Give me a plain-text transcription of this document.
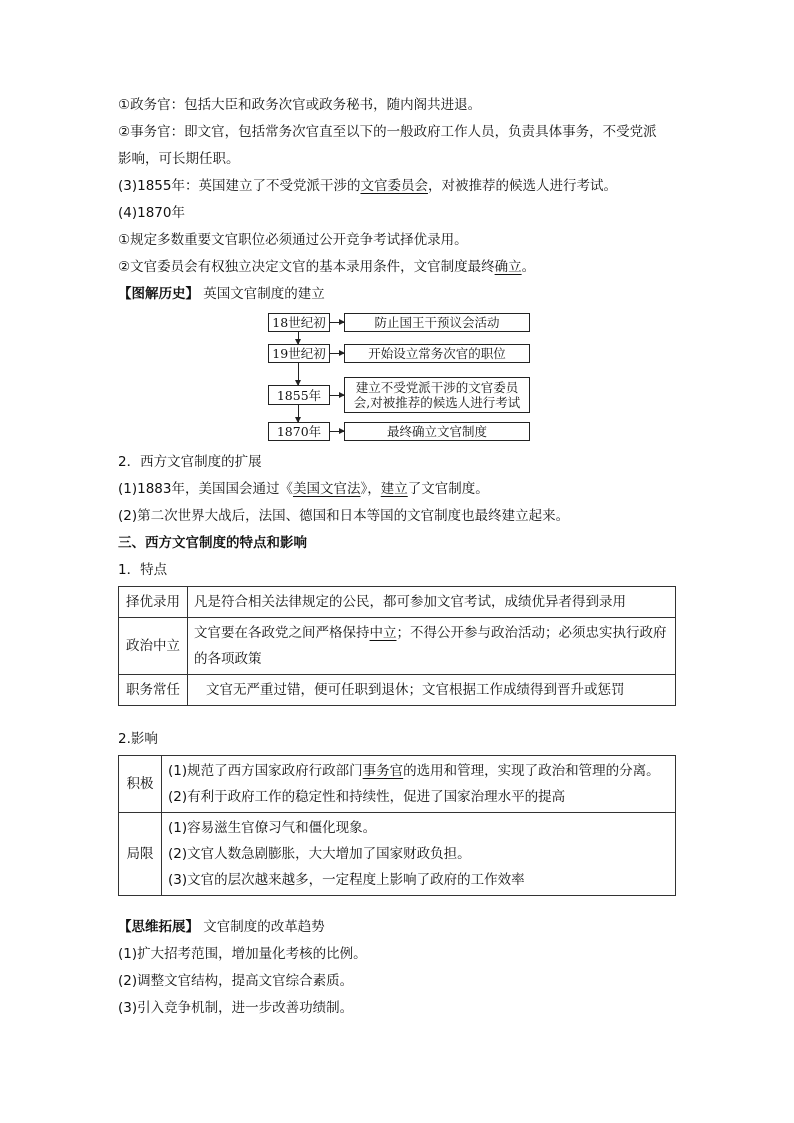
①政务官：包括大臣和政务次官或政务秘书，随内阁共进退。
②事务官：即文官，包括常务次官直至以下的一般政府工作人员，负责具体事务，不受党派
影响，可长期任职。
(3)1855年：英国建立了不受党派干涉的文官委员会，对被推荐的候选人进行考试。
(4)1870年
①规定多数重要文官职位必须通过公开竞争考试择优录用。
②文官委员会有权独立决定文官的基本录用条件，文官制度最终确立。
【图解历史】 英国文官制度的建立
18世纪初	防止国王干预议会活动
19世纪初	开始设立常务次官的职位
1855年	建立不受党派干涉的文官委员会,对被推荐的候选人进行考试
1870年	最终确立文官制度
2．西方文官制度的扩展
(1)1883年，美国国会通过《美国文官法》，建立了文官制度。
(2)第二次世界大战后，法国、德国和日本等国的文官制度也最终建立起来。
三、西方文官制度的特点和影响
1．特点
择优录用	凡是符合相关法律规定的公民，都可参加文官考试，成绩优异者得到录用
政治中立	文官要在各政党之间严格保持中立；不得公开参与政治活动；必须忠实执行政府的各项政策
职务常任	文官无严重过错，便可任职到退休；文官根据工作成绩得到晋升或惩罚
2.影响
积极	(1)规范了西方国家政府行政部门事务官的选用和管理，实现了政治和管理的分离。
(2)有利于政府工作的稳定性和持续性，促进了国家治理水平的提高

局限	(1)容易滋生官僚习气和僵化现象。
(2)文官人数急剧膨胀，大大增加了国家财政负担。
(3)文官的层次越来越多，一定程度上影响了政府的工作效率
【思维拓展】 文官制度的改革趋势
(1)扩大招考范围，增加量化考核的比例。
(2)调整文官结构，提高文官综合素质。
(3)引入竞争机制，进一步改善功绩制。
